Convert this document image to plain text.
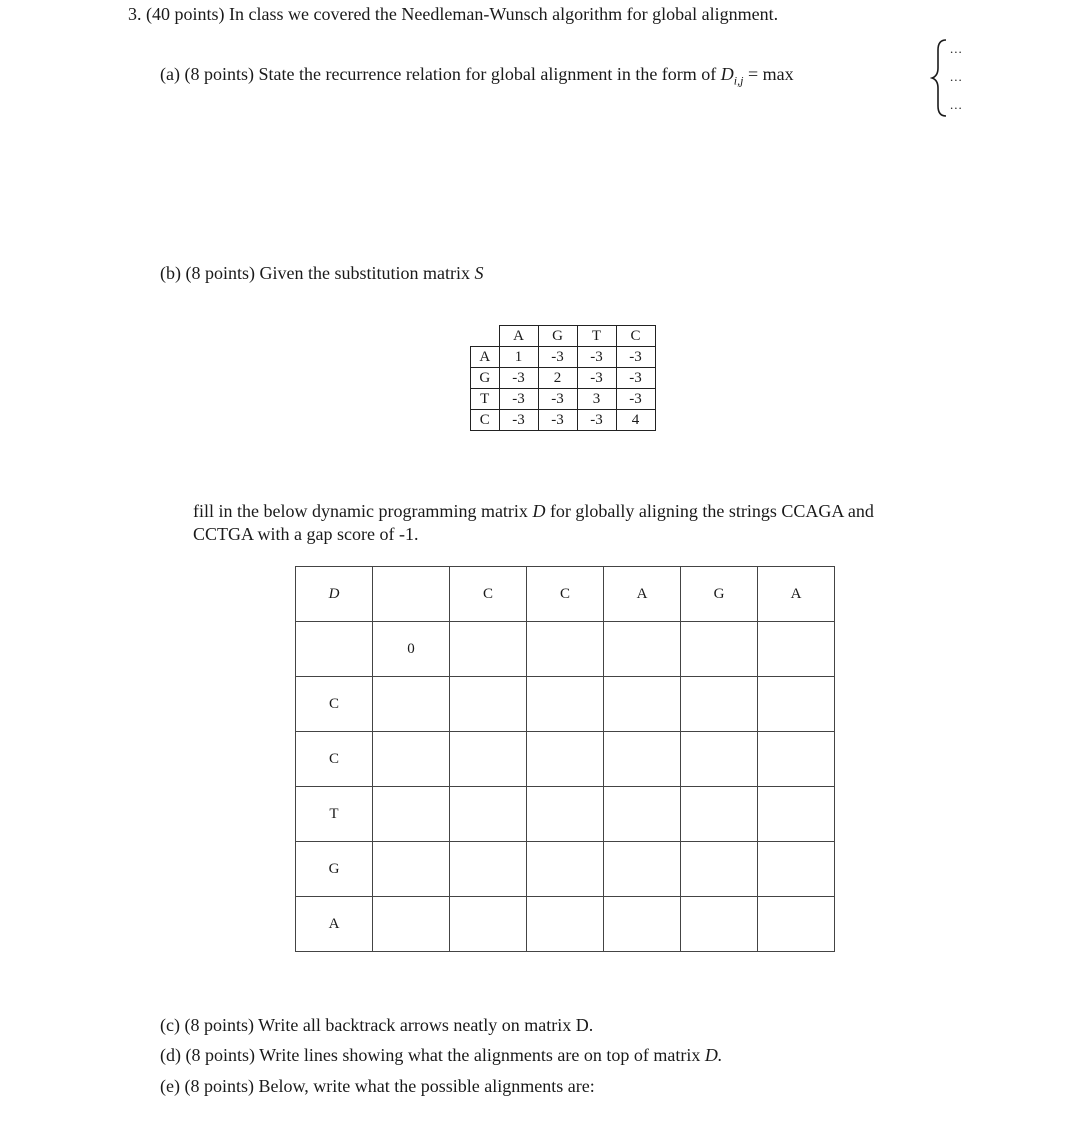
3. (40 points) In class we covered the Needleman-Wunsch algorithm for global alignment.
(a) (8 points) State the recurrence relation for global alignment in the form of $D_{i,j} = \max$
...
...
...
(b) (8 points) Given the substitution matrix S
	A	G	T	C
A	1	-3	-3	-3
G	-3	2	-3	-3
T	-3	-3	3	-3
C	-3	-3	-3	4
fill in the below dynamic programming matrix D for globally aligning the strings CCAGA and
CCTGA with a gap score of -1.
D		C	C	A	G	A
	0					
C						
C						
T						
G						
A						
(c) (8 points) Write all backtrack arrows neatly on matrix D.
(d) (8 points) Write lines showing what the alignments are on top of matrix D.
(e) (8 points) Below, write what the possible alignments are:
